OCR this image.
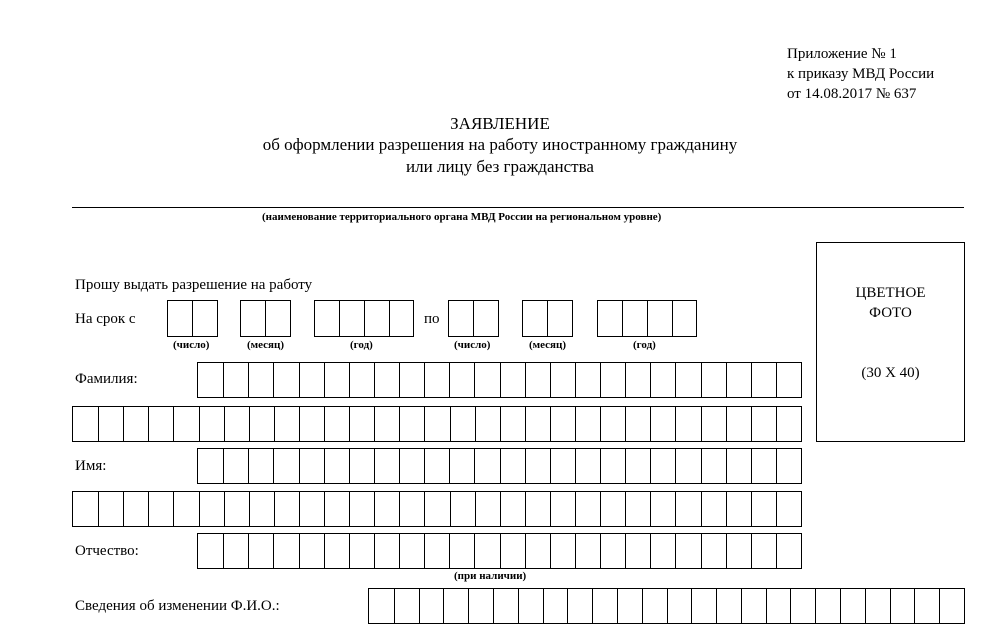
Приложение № 1
к приказу МВД России
от 14.08.2017 № 637
ЗАЯВЛЕНИЕ
об оформлении разрешения на работу иностранному гражданину
или лицу без гражданства
(наименование территориального органа МВД России на региональном уровне)
ЦВЕТНОЕ
ФОТО
(30 Х 40)
Прошу выдать разрешение на работу
На срок с	по
(число)	(месяц)	(год)	(число)	(месяц)	(год)
Фамилия:
Имя:
Отчество:
(при наличии)
Сведения об изменении Ф.И.О.:
